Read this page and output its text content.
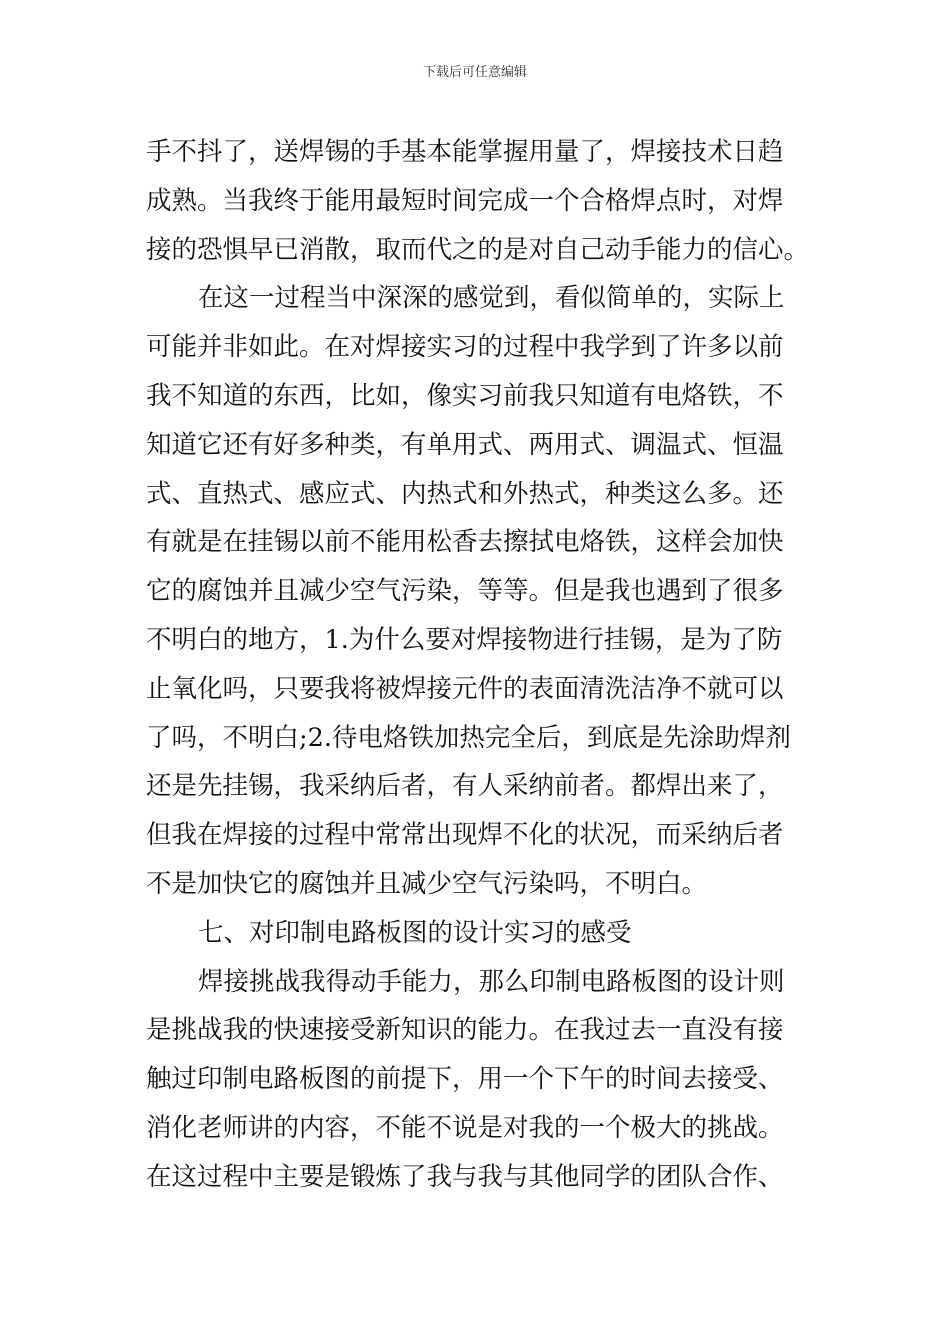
下载后可任意编辑
手不抖了，送焊锡的手基本能掌握用量了，焊接技术日趋
成熟。当我终于能用最短时间完成一个合格焊点时，对焊
接的恐惧早已消散，取而代之的是对自己动手能力的信心。
在这一过程当中深深的感觉到，看似简单的，实际上
可能并非如此。在对焊接实习的过程中我学到了许多以前
我不知道的东西，比如，像实习前我只知道有电烙铁，不
知道它还有好多种类，有单用式、两用式、调温式、恒温
式、直热式、感应式、内热式和外热式，种类这么多。还
有就是在挂锡以前不能用松香去擦拭电烙铁，这样会加快
它的腐蚀并且减少空气污染，等等。但是我也遇到了很多
不明白的地方，1.为什么要对焊接物进行挂锡，是为了防
止氧化吗，只要我将被焊接元件的表面清洗洁净不就可以
了吗，不明白;2.待电烙铁加热完全后，到底是先涂助焊剂
还是先挂锡，我采纳后者，有人采纳前者。都焊出来了，
但我在焊接的过程中常常出现焊不化的状况，而采纳后者
不是加快它的腐蚀并且减少空气污染吗，不明白。
七、对印制电路板图的设计实习的感受
焊接挑战我得动手能力，那么印制电路板图的设计则
是挑战我的快速接受新知识的能力。在我过去一直没有接
触过印制电路板图的前提下，用一个下午的时间去接受、
消化老师讲的内容，不能不说是对我的一个极大的挑战。
在这过程中主要是锻炼了我与我与其他同学的团队合作、
